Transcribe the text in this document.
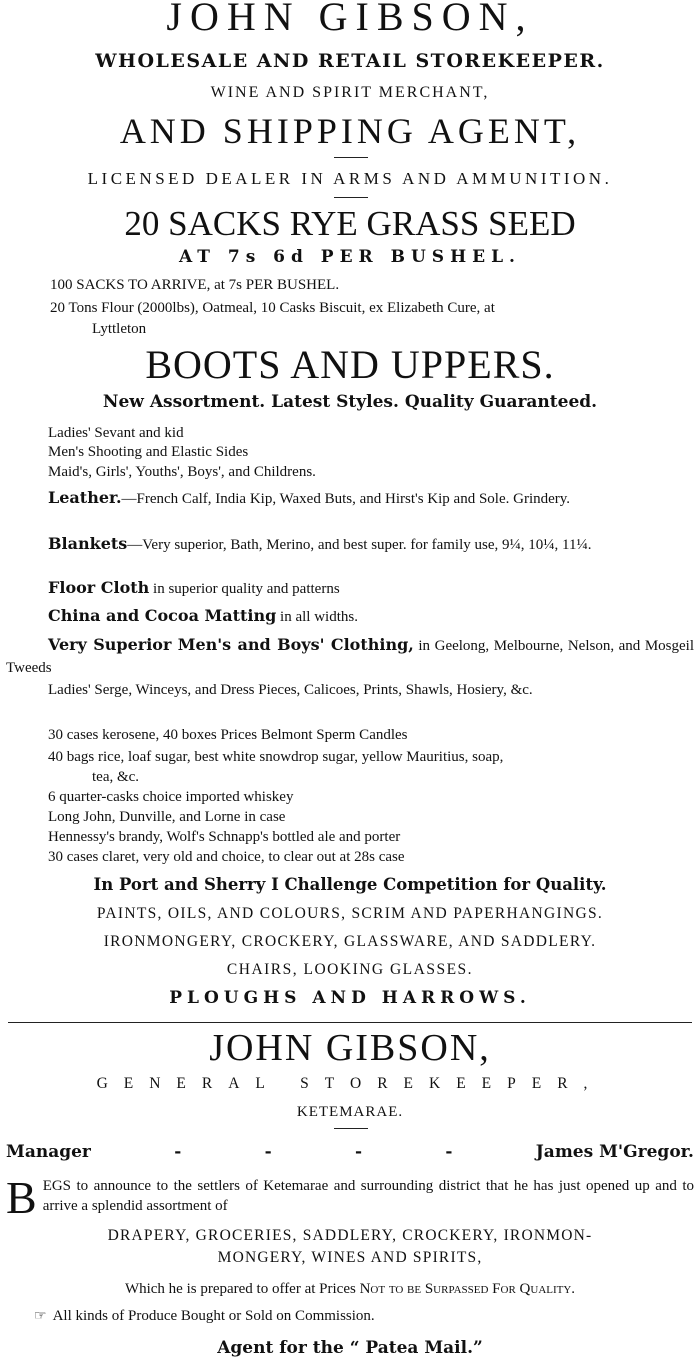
JOHN GIBSON,
WHOLESALE AND RETAIL STOREKEEPER.
WINE AND SPIRIT MERCHANT,
AND SHIPPING AGENT,
LICENSED DEALER IN ARMS AND AMMUNITION.
20 SACKS RYE GRASS SEED
AT 7s 6d PER BUSHEL.
100 SACKS TO ARRIVE, at 7s PER BUSHEL.
20 Tons Flour (2000lbs), Oatmeal, 10 Casks Biscuit, ex Elizabeth Cure, at
Lyttleton
BOOTS AND UPPERS.
New Assortment. Latest Styles. Quality Guaranteed.
Ladies' Sevant and kid
Men's Shooting and Elastic Sides
Maid's, Girls', Youths', Boys', and Childrens.
Leather.—French Calf, India Kip, Waxed Buts, and Hirst's Kip and Sole. Grindery.
Blankets—Very superior, Bath, Merino, and best super. for family use, 9¼, 10¼, 11¼.
Floor Cloth in superior quality and patterns
China and Cocoa Matting in all widths.
Very Superior Men's and Boys' Clothing, in Geelong, Melbourne, Nelson, and Mosgeil Tweeds
Ladies' Serge, Winceys, and Dress Pieces, Calicoes, Prints, Shawls, Hosiery, &c.
30 cases kerosene, 40 boxes Prices Belmont Sperm Candles
40 bags rice, loaf sugar, best white snowdrop sugar, yellow Mauritius, soap,
tea, &c.
6 quarter-casks choice imported whiskey
Long John, Dunville, and Lorne in case
Hennessy's brandy, Wolf's Schnapp's bottled ale and porter
30 cases claret, very old and choice, to clear out at 28s case
In Port and Sherry I Challenge Competition for Quality.
PAINTS, OILS, AND COLOURS, SCRIM AND PAPERHANGINGS.
IRONMONGERY, CROCKERY, GLASSWARE, AND SADDLERY.
CHAIRS, LOOKING GLASSES.
PLOUGHS AND HARROWS.
JOHN GIBSON,
GENERAL STOREKEEPER,
KETEMARAE.
Manager	-	-	-	-	James M'Gregor.
BEGS to announce to the settlers of Ketemarae and surrounding district that he has just opened up and to arrive a splendid assortment of
DRAPERY, GROCERIES, SADDLERY, CROCKERY, IRONMON-
MONGERY, WINES AND SPIRITS,
Which he is prepared to offer at Prices Not to be Surpassed For Quality.
☞ All kinds of Produce Bought or Sold on Commission.
Agent for the “ Patea Mail.”
